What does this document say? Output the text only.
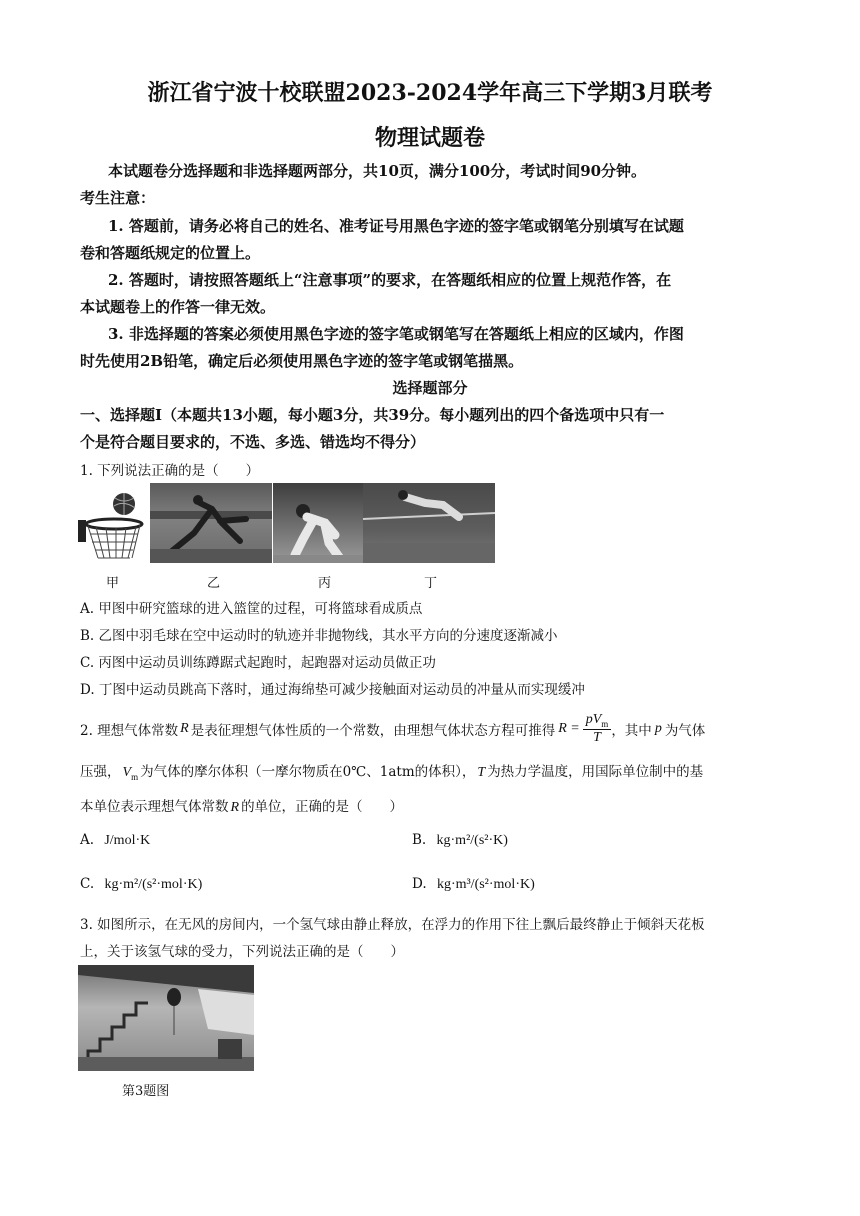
浙江省宁波十校联盟2023-2024学年高三下学期3月联考
物理试题卷
本试题卷分选择题和非选择题两部分，共10页，满分100分，考试时间90分钟。
考生注意：
1. 答题前，请务必将自己的姓名、准考证号用黑色字迹的签字笔或钢笔分别填写在试题
卷和答题纸规定的位置上。
2. 答题时，请按照答题纸上“注意事项”的要求，在答题纸相应的位置上规范作答，在
本试题卷上的作答一律无效。
3. 非选择题的答案必须使用黑色字迹的签字笔或钢笔写在答题纸上相应的区域内，作图
时先使用2B铅笔，确定后必须使用黑色字迹的签字笔或钢笔描黑。
选择题部分
一、选择题Ⅰ（本题共13小题，每小题3分，共39分。每小题列出的四个备选项中只有一
个是符合题目要求的，不选、多选、错选均不得分）
1. 下列说法正确的是（　　）
甲	乙	丙	丁
A. 甲图中研究篮球的进入篮筐的过程，可将篮球看成质点
B. 乙图中羽毛球在空中运动时的轨迹并非抛物线，其水平方向的分速度逐渐减小
C. 丙图中运动员训练蹲踞式起跑时，起跑器对运动员做正功
D. 丁图中运动员跳高下落时，通过海绵垫可减少接触面对运动员的冲量从而实现缓冲
2. 理想气体常数 R 是表征理想气体性质的一个常数，由理想气体状态方程可推得 $R = \frac{pV_m}{T}$ ，其中 p 为气体
压强， $V_m$ 为气体的摩尔体积（一摩尔物质在0℃、1atm的体积）， T 为热力学温度，用国际单位制中的基
本单位表示理想气体常数 R 的单位，正确的是（　　）
A. J/mol·K	B. kg·m²/(s²·K)
C. kg·m²/(s²·mol·K)	D. kg·m³/(s²·mol·K)
3. 如图所示，在无风的房间内，一个氢气球由静止释放，在浮力的作用下往上飘后最终静止于倾斜天花板
上，关于该氢气球的受力，下列说法正确的是（　　）
第3题图
